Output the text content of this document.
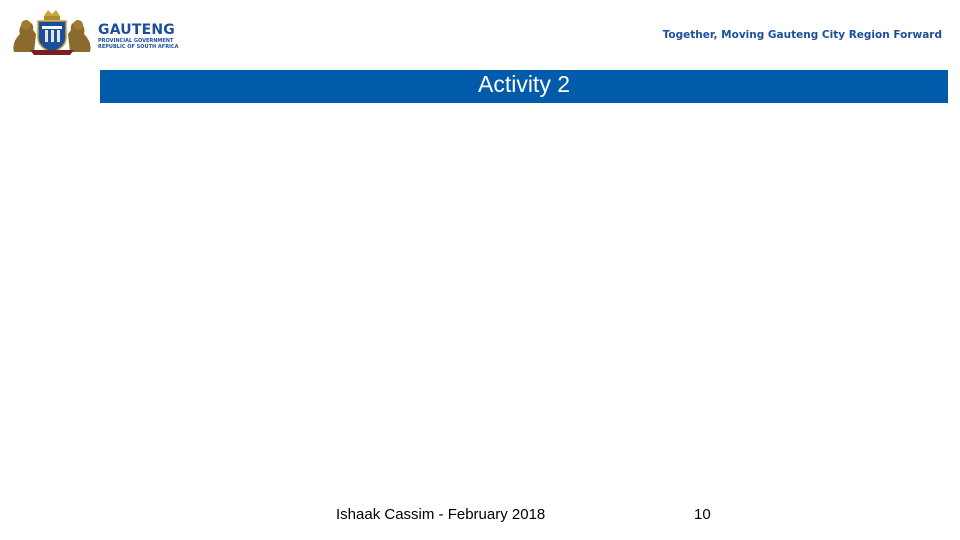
GAUTENG
PROVINCIAL GOVERNMENT
REPUBLIC OF SOUTH AFRICA
Together, Moving Gauteng City Region Forward
Activity 2
Ishaak Cassim - February 2018	10
